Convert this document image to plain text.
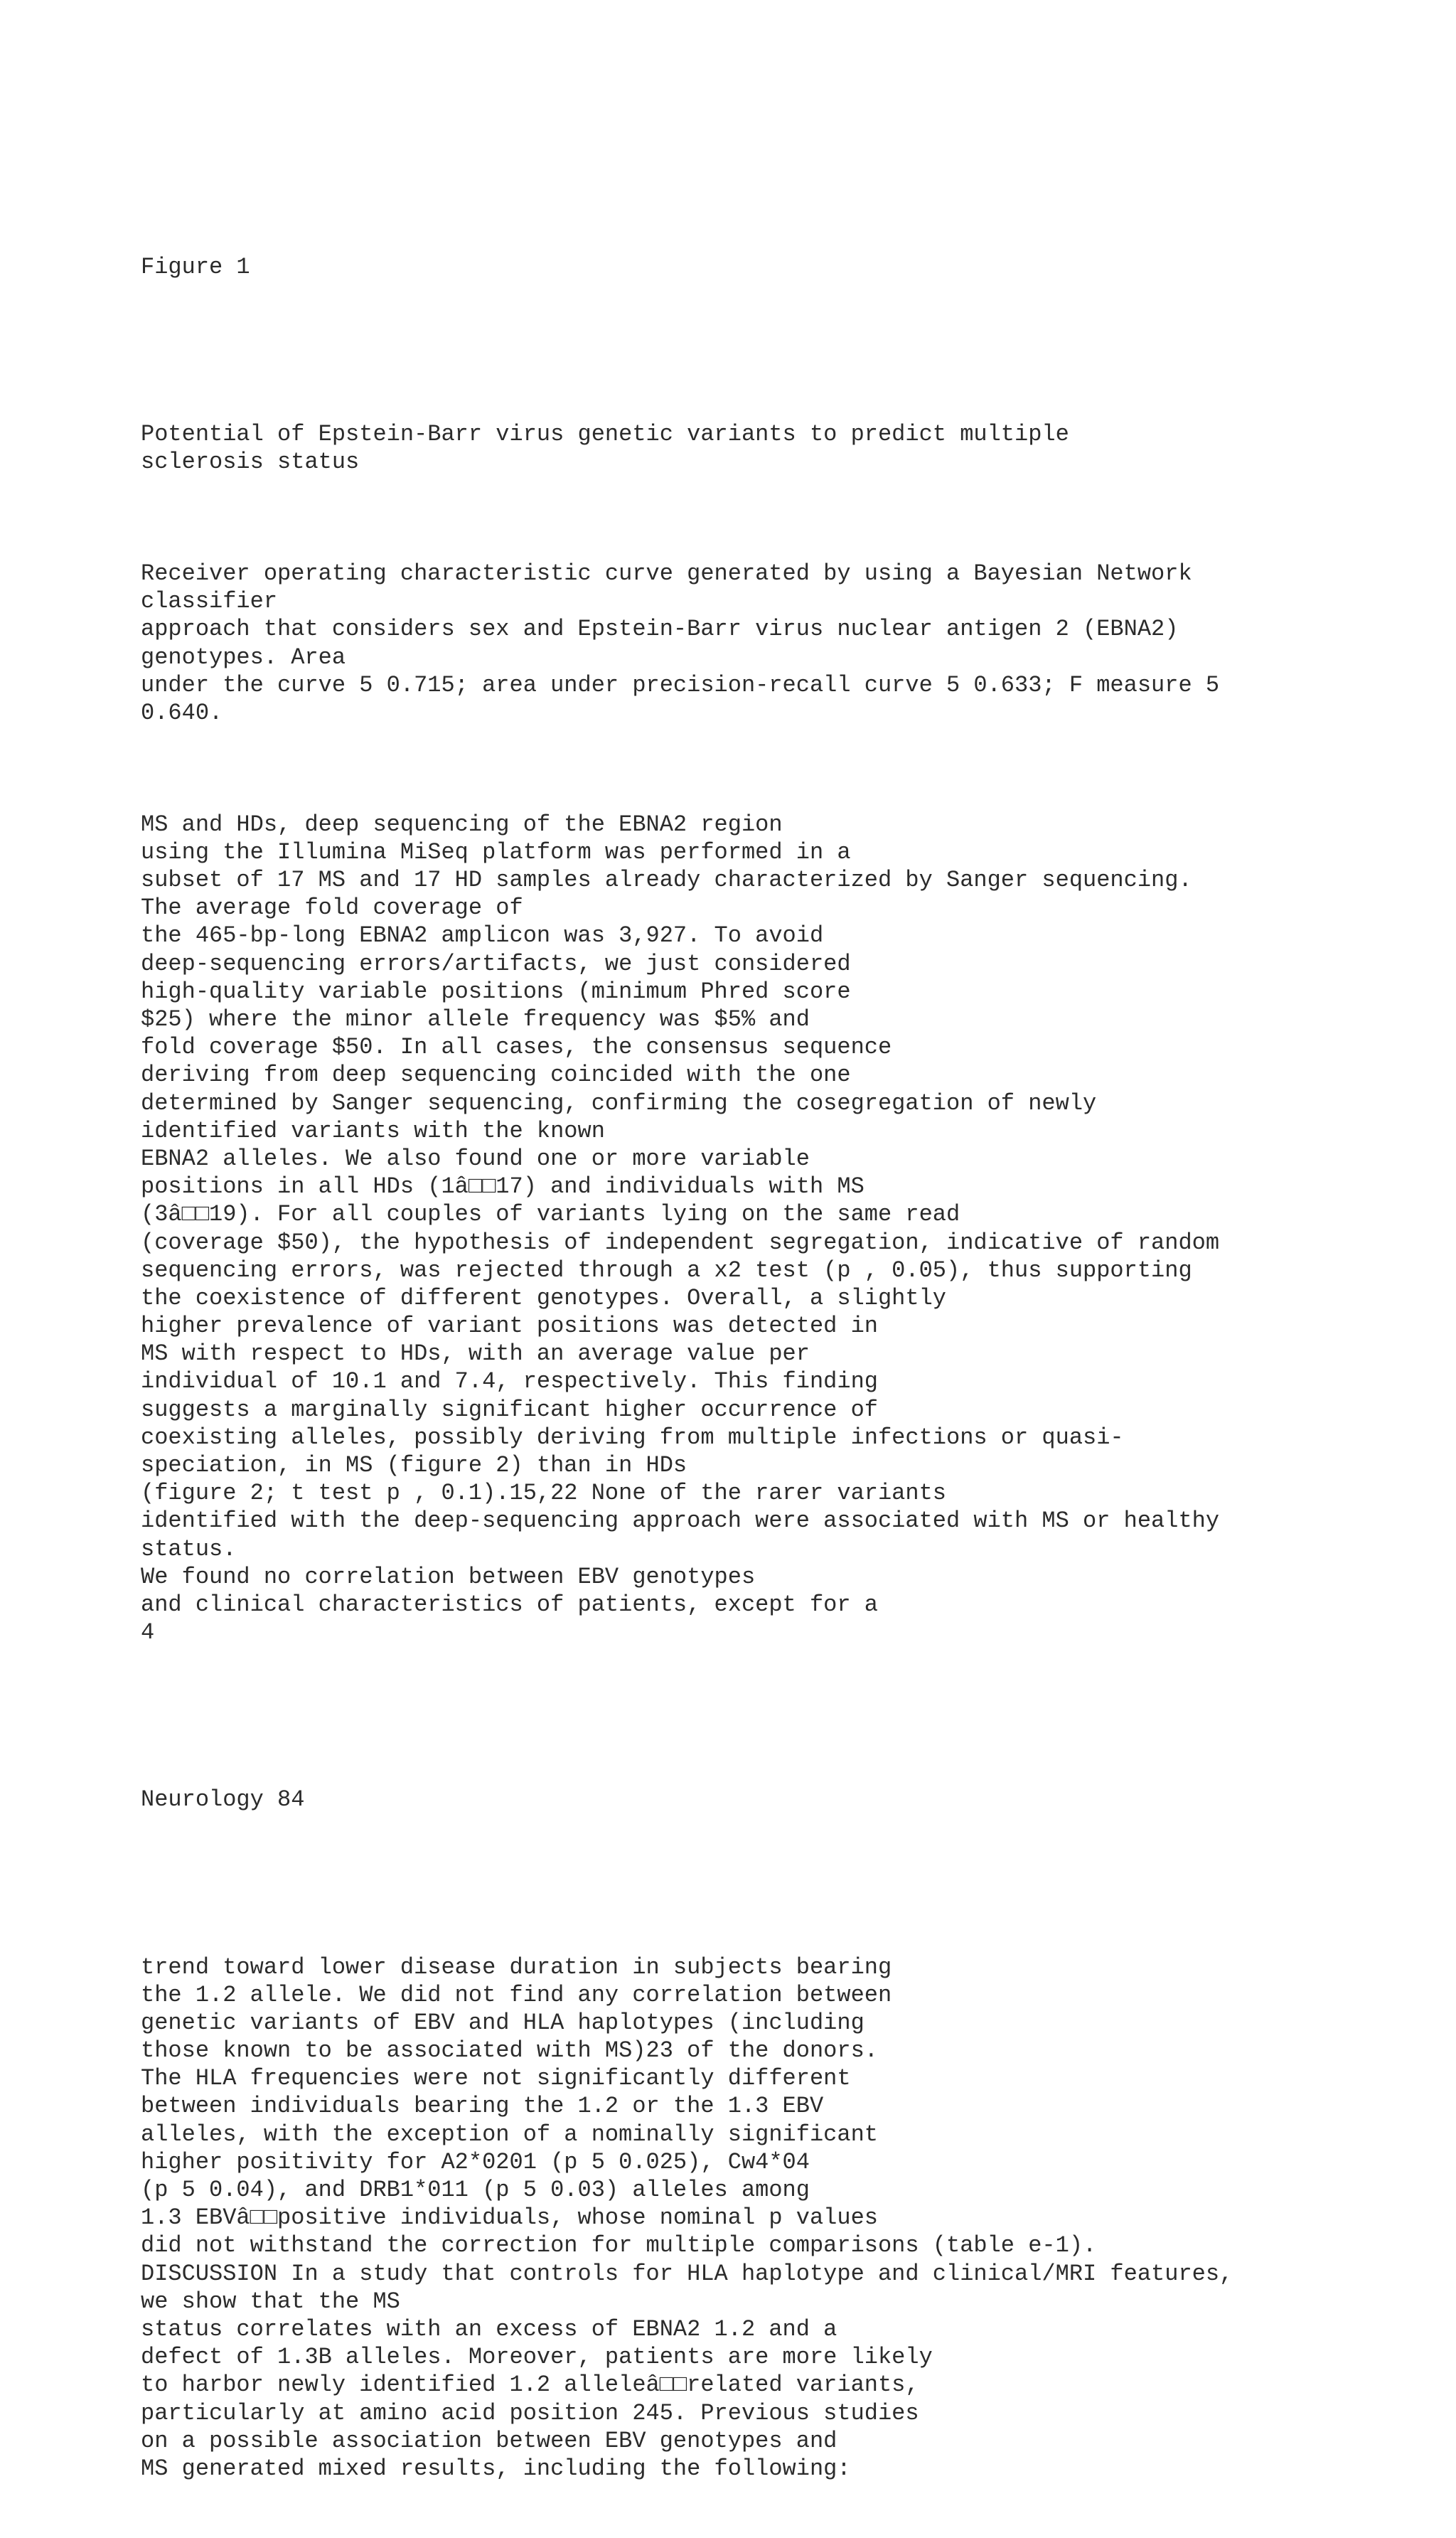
Figure 1

Potential of Epstein-Barr virus genetic variants to predict multiple
sclerosis status

Receiver operating characteristic curve generated by using a Bayesian Network
classifier
approach that considers sex and Epstein-Barr virus nuclear antigen 2 (EBNA2)
genotypes. Area
under the curve 5 0.715; area under precision-recall curve 5 0.633; F measure 5
0.640.

MS and HDs, deep sequencing of the EBNA2 region
using the Illumina MiSeq platform was performed in a
subset of 17 MS and 17 HD samples already characterized by Sanger sequencing.
The average fold coverage of
the 465-bp-long EBNA2 amplicon was 3,927. To avoid
deep-sequencing errors/artifacts, we just considered
high-quality variable positions (minimum Phred score
$25) where the minor allele frequency was $5% and
fold coverage $50. In all cases, the consensus sequence
deriving from deep sequencing coincided with the one
determined by Sanger sequencing, confirming the cosegregation of newly
identified variants with the known
EBNA2 alleles. We also found one or more variable
positions in all HDs (1â□□17) and individuals with MS
(3â□□19). For all couples of variants lying on the same read
(coverage $50), the hypothesis of independent segregation, indicative of random
sequencing errors, was rejected through a x2 test (p , 0.05), thus supporting
the coexistence of different genotypes. Overall, a slightly
higher prevalence of variant positions was detected in
MS with respect to HDs, with an average value per
individual of 10.1 and 7.4, respectively. This finding
suggests a marginally significant higher occurrence of
coexisting alleles, possibly deriving from multiple infections or quasi-
speciation, in MS (figure 2) than in HDs
(figure 2; t test p , 0.1).15,22 None of the rarer variants
identified with the deep-sequencing approach were associated with MS or healthy
status.
We found no correlation between EBV genotypes
and clinical characteristics of patients, except for a
4

Neurology 84

trend toward lower disease duration in subjects bearing
the 1.2 allele. We did not find any correlation between
genetic variants of EBV and HLA haplotypes (including
those known to be associated with MS)23 of the donors.
The HLA frequencies were not significantly different
between individuals bearing the 1.2 or the 1.3 EBV
alleles, with the exception of a nominally significant
higher positivity for A2*0201 (p 5 0.025), Cw4*04
(p 5 0.04), and DRB1*011 (p 5 0.03) alleles among
1.3 EBVâ□□positive individuals, whose nominal p values
did not withstand the correction for multiple comparisons (table e-1).
DISCUSSION In a study that controls for HLA haplotype and clinical/MRI features,
we show that the MS
status correlates with an excess of EBNA2 1.2 and a
defect of 1.3B alleles. Moreover, patients are more likely
to harbor newly identified 1.2 alleleâ□□related variants,
particularly at amino acid position 245. Previous studies
on a possible association between EBV genotypes and
MS generated mixed results, including the following:
